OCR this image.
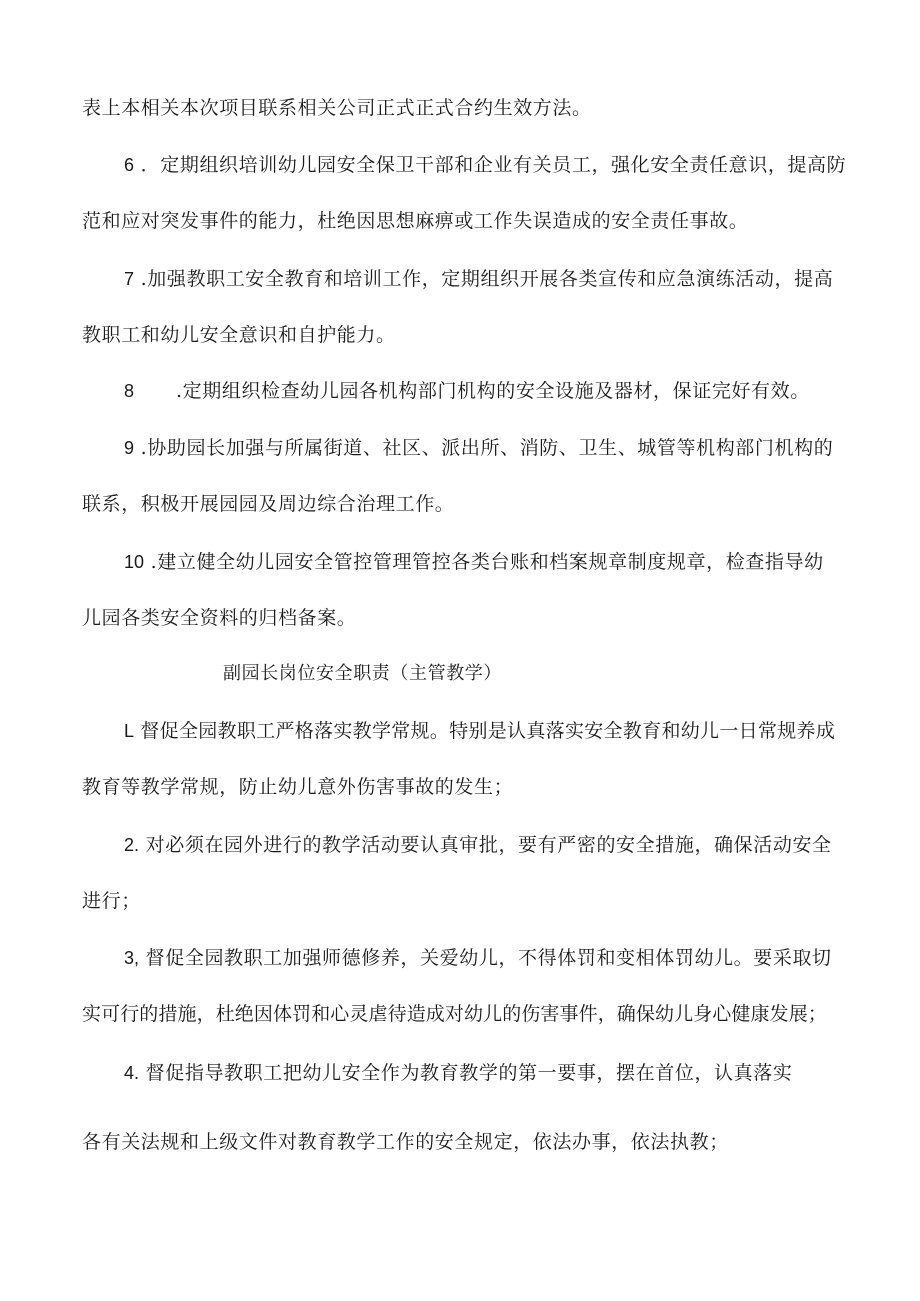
表上本相关本次项目联系相关公司正式正式合约生效方法。
6 ．定期组织培训幼儿园安全保卫干部和企业有关员工，强化安全责任意识，提高防
范和应对突发事件的能力，杜绝因思想麻痹或工作失误造成的安全责任事故。
7 .加强教职工安全教育和培训工作，定期组织开展各类宣传和应急演练活动，提高
教职工和幼儿安全意识和自护能力。
8 .定期组织检查幼儿园各机构部门机构的安全设施及器材，保证完好有效。
9 .协助园长加强与所属街道、社区、派出所、消防、卫生、城管等机构部门机构的
联系，积极开展园园及周边综合治理工作。
10 .建立健全幼儿园安全管控管理管控各类台账和档案规章制度规章，检查指导幼
儿园各类安全资料的归档备案。
副园长岗位安全职责（主管教学）
L 督促全园教职工严格落实教学常规。特别是认真落实安全教育和幼儿一日常规养成
教育等教学常规，防止幼儿意外伤害事故的发生；
2. 对必须在园外进行的教学活动要认真审批，要有严密的安全措施，确保活动安全
进行；
3, 督促全园教职工加强师德修养，关爱幼儿，不得体罚和变相体罚幼儿。要采取切
实可行的措施，杜绝因体罚和心灵虐待造成对幼儿的伤害事件，确保幼儿身心健康发展；
4. 督促指导教职工把幼儿安全作为教育教学的第一要事，摆在首位，认真落实
各有关法规和上级文件对教育教学工作的安全规定，依法办事，依法执教；
